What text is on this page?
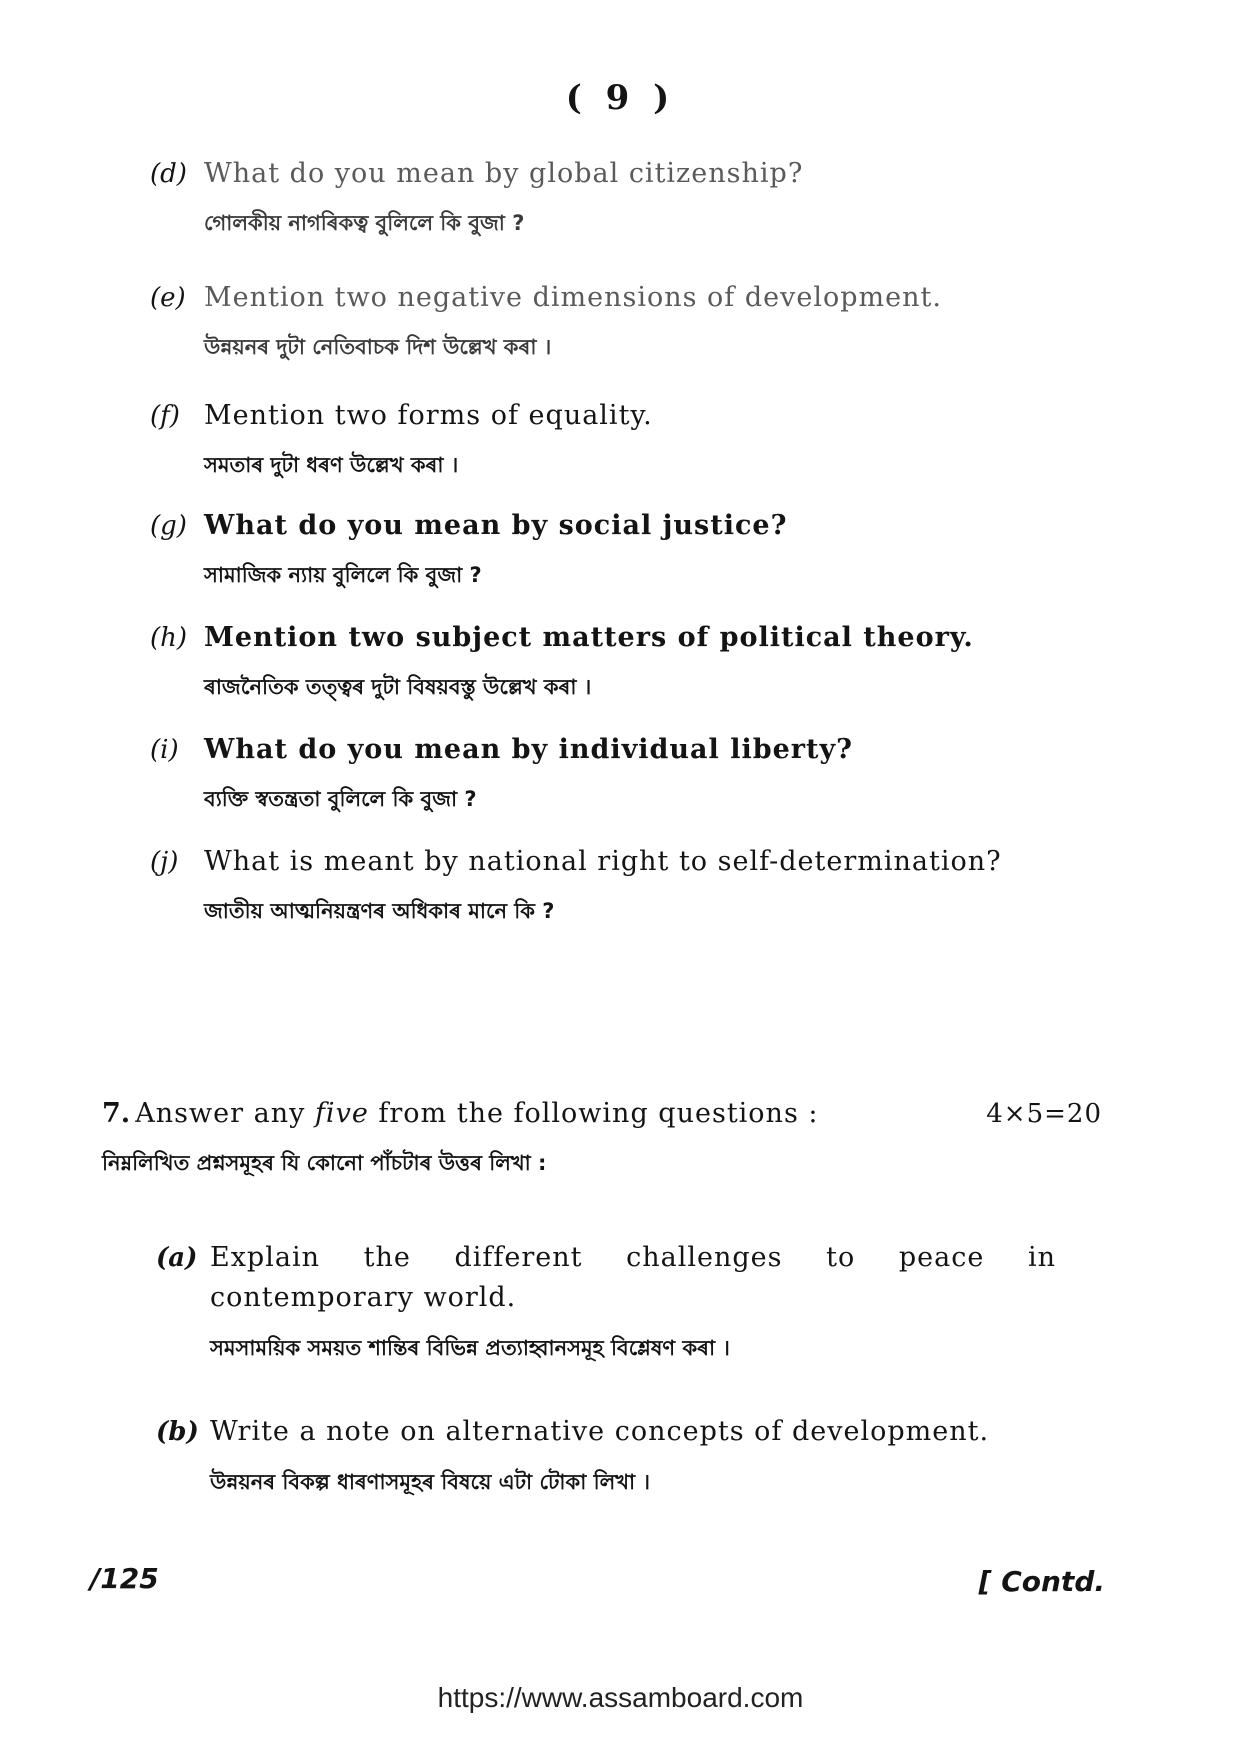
( 9 )
(d) What do you mean by global citizenship?
গোলকীয় নাগৰিকত্ব বুলিলে কি বুজা ?
(e) Mention two negative dimensions of development.
উন্নয়নৰ দুটা নেতিবাচক দিশ উল্লেখ কৰা ।
(f) Mention two forms of equality.
সমতাৰ দুটা ধৰণ উল্লেখ কৰা ।
(g) What do you mean by social justice?
সামাজিক ন্যায় বুলিলে কি বুজা ?
(h) Mention two subject matters of political theory.
ৰাজনৈতিক তত্ত্বৰ দুটা বিষয়বস্তু উল্লেখ কৰা ।
(i) What do you mean by individual liberty?
ব্যক্তি স্বতন্ত্ৰতা বুলিলে কি বুজা ?
(j) What is meant by national right to self-determination?
জাতীয় আত্মনিয়ন্ত্ৰণৰ অধিকাৰ মানে কি ?
7. Answer any five from the following questions :	4×5=20
নিম্নলিখিত প্ৰশ্নসমূহৰ যি কোনো পাঁচটাৰ উত্তৰ লিখা :
(a) Explain the different challenges to peace in contemporary world.
সমসাময়িক সময়ত শান্তিৰ বিভিন্ন প্ৰত্যাহ্বানসমূহ বিশ্লেষণ কৰা ।
(b) Write a note on alternative concepts of development.
উন্নয়নৰ বিকল্প ধাৰণাসমূহৰ বিষয়ে এটা টোকা লিখা ।
/125	[ Contd.
https://www.assamboard.com
